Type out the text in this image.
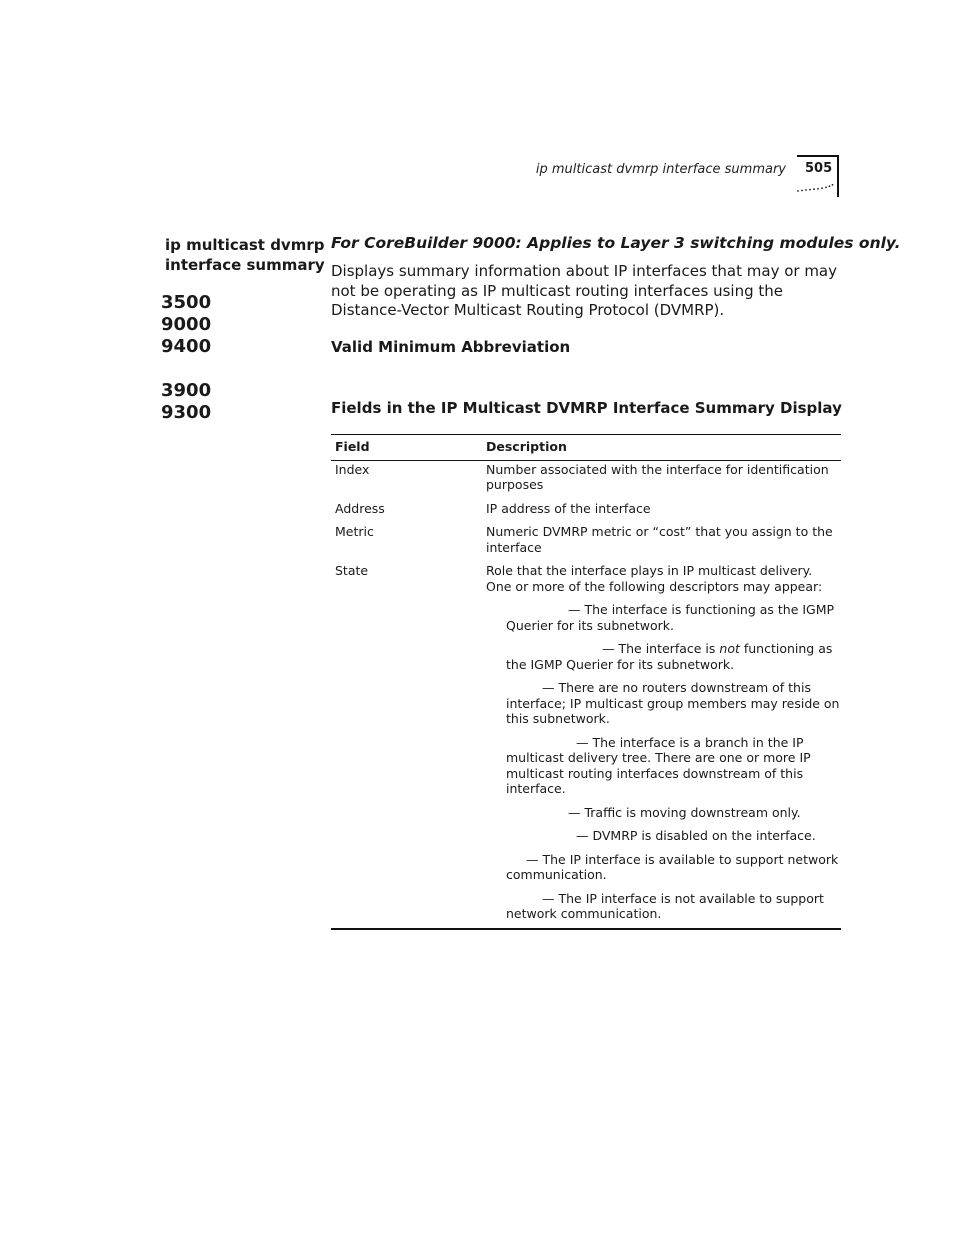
ip multicast dvmrp interface summary 505
ip multicast dvmrp interface summary
3500
9000
9400
3900
9300
For CoreBuilder 9000: Applies to Layer 3 switching modules only.
Displays summary information about IP interfaces that may or may not be operating as IP multicast routing interfaces using the Distance-Vector Multicast Routing Protocol (DVMRP).
Valid Minimum Abbreviation
Fields in the IP Multicast DVMRP Interface Summary Display
Field	Description
Index	Number associated with the interface for identification purposes
Address	IP address of the interface
Metric	Numeric DVMRP metric or “cost” that you assign to the interface
State	Role that the interface plays in IP multicast delivery. One or more of the following descriptors may appear:
— The interface is functioning as the IGMP Querier for its subnetwork.
— The interface is not functioning as the IGMP Querier for its subnetwork.
— There are no routers downstream of this interface; IP multicast group members may reside on this subnetwork.
— The interface is a branch in the IP multicast delivery tree. There are one or more IP multicast routing interfaces downstream of this interface.
— Traffic is moving downstream only.
— DVMRP is disabled on the interface.
— The IP interface is available to support network communication.
— The IP interface is not available to support network communication.
